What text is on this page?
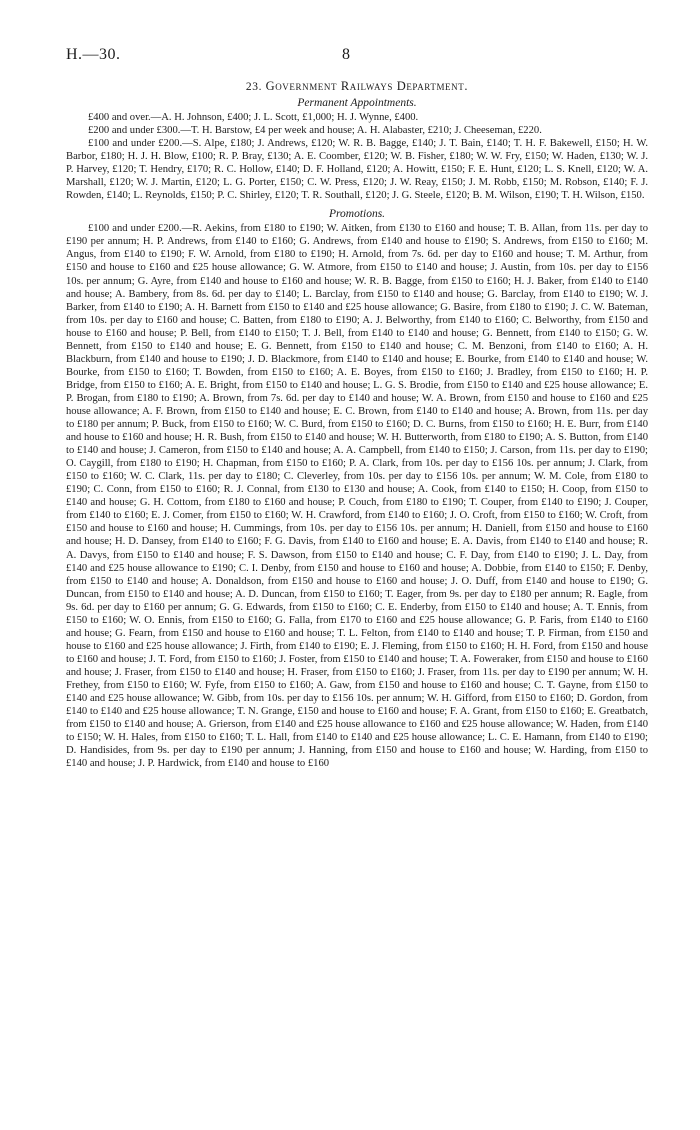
H.—30.	8
23. Government Railways Department.
Permanent Appointments.

£400 and over.—A. H. Johnson, £400; J. L. Scott, £1,000; H. J. Wynne, £400.

£200 and under £300.—T. H. Barstow, £4 per week and house; A. H. Alabaster, £210; J. Cheeseman, £220.

£100 and under £200.—S. Alpe, £180; J. Andrews, £120; W. R. B. Bagge, £140; J. T. Bain, £140; T. H. F. Bakewell, £150; H. W. Barbor, £180; H. J. H. Blow, £100; R. P. Bray, £130; A. E. Coomber, £120; W. B. Fisher, £180; W. W. Fry, £150; W. Haden, £130; W. J. P. Harvey, £120; T. Hendry, £170; R. C. Hollow, £140; D. F. Holland, £120; A. Howitt, £150; F. E. Hunt, £120; L. S. Knell, £120; W. A. Marshall, £120; W. J. Martin, £120; L. G. Porter, £150; C. W. Press, £120; J. W. Reay, £150; J. M. Robb, £150; M. Robson, £140; F. J. Rowden, £140; L. Reynolds, £150; P. C. Shirley, £120; T. R. Southall, £120; J. G. Steele, £120; B. M. Wilson, £190; T. H. Wilson, £150.

Promotions.

£100 and under £200.—R. Aekins, from £180 to £190; W. Aitken, from £130 to £160 and house; T. B. Allan, from 11s. per day to £190 per annum; H. P. Andrews, from £140 to £160; G. Andrews, from £140 and house to £190; S. Andrews, from £150 to £160; M. Angus, from £140 to £190; F. W. Arnold, from £180 to £190; H. Arnold, from 7s. 6d. per day to £160 and house; T. M. Arthur, from £150 and house to £160 and £25 house allowance; G. W. Atmore, from £150 to £140 and house; J. Austin, from 10s. per day to £156 10s. per annum; G. Ayre, from £140 and house to £160 and house; W. R. B. Bagge, from £150 to £160; H. J. Baker, from £140 to £140 and house; A. Bambery, from 8s. 6d. per day to £140; L. Barclay, from £150 to £140 and house; G. Barclay, from £140 to £190; W. J. Barker, from £140 to £190; A. H. Barnett from £150 to £140 and £25 house allowance; G. Basire, from £180 to £190; J. C. W. Bateman, from 10s. per day to £160 and house; C. Batten, from £180 to £190; A. J. Belworthy, from £140 to £160; C. Belworthy, from £150 and house to £160 and house; P. Bell, from £140 to £150; T. J. Bell, from £140 to £140 and house; G. Bennett, from £140 to £150; G. W. Bennett, from £150 to £140 and house; E. G. Bennett, from £150 to £140 and house; C. M. Benzoni, from £140 to £160; A. H. Blackburn, from £140 and house to £190; J. D. Blackmore, from £140 to £140 and house; E. Bourke, from £140 to £140 and house; W. Bourke, from £150 to £160; T. Bowden, from £150 to £160; A. E. Boyes, from £150 to £160; J. Bradley, from £150 to £160; H. P. Bridge, from £150 to £160; A. E. Bright, from £150 to £140 and house; L. G. S. Brodie, from £150 to £140 and £25 house allowance; E. P. Brogan, from £180 to £190; A. Brown, from 7s. 6d. per day to £140 and house; W. A. Brown, from £150 and house to £160 and £25 house allowance; A. F. Brown, from £150 to £140 and house; E. C. Brown, from £140 to £140 and house; A. Brown, from 11s. per day to £180 per annum; P. Buck, from £150 to £160; W. C. Burd, from £150 to £160; D. C. Burns, from £150 to £160; H. E. Burr, from £140 and house to £160 and house; H. R. Bush, from £150 to £140 and house; W. H. Butterworth, from £180 to £190; A. S. Button, from £140 to £140 and house; J. Cameron, from £150 to £140 and house; A. A. Campbell, from £140 to £150; J. Carson, from 11s. per day to £190; O. Caygill, from £180 to £190; H. Chapman, from £150 to £160; P. A. Clark, from 10s. per day to £156 10s. per annum; J. Clark, from £150 to £160; W. C. Clark, 11s. per day to £180; C. Cleverley, from 10s. per day to £156 10s. per annum; W. M. Cole, from £180 to £190; C. Conn, from £150 to £160; R. J. Connal, from £130 to £130 and house; A. Cook, from £140 to £150; H. Coop, from £150 to £140 and house; G. H. Cottom, from £180 to £160 and house; P. Couch, from £180 to £190; T. Couper, from £140 to £190; J. Couper, from £140 to £160; E. J. Comer, from £150 to £160; W. H. Crawford, from £140 to £160; J. O. Croft, from £150 to £160; W. Croft, from £150 and house to £160 and house; H. Cummings, from 10s. per day to £156 10s. per annum; H. Daniell, from £150 and house to £160 and house; H. D. Dansey, from £140 to £160; F. G. Davis, from £140 to £160 and house; E. A. Davis, from £140 to £140 and house; R. A. Davys, from £150 to £140 and house; F. S. Dawson, from £150 to £140 and house; C. F. Day, from £140 to £190; J. L. Day, from £140 and £25 house allowance to £190; C. I. Denby, from £150 and house to £160 and house; A. Dobbie, from £140 to £150; F. Denby, from £150 to £140 and house; A. Donaldson, from £150 and house to £160 and house; J. O. Duff, from £140 and house to £190; G. Duncan, from £150 to £140 and house; A. D. Duncan, from £150 to £160; T. Eager, from 9s. per day to £180 per annum; R. Eagle, from 9s. 6d. per day to £160 per annum; G. G. Edwards, from £150 to £160; C. E. Enderby, from £150 to £140 and house; A. T. Ennis, from £150 to £160; W. O. Ennis, from £150 to £160; G. Falla, from £170 to £160 and £25 house allowance; G. P. Faris, from £140 to £160 and house; G. Fearn, from £150 and house to £160 and house; T. L. Felton, from £140 to £140 and house; T. P. Firman, from £150 and house to £160 and £25 house allowance; J. Firth, from £140 to £190; E. J. Fleming, from £150 to £160; H. H. Ford, from £150 and house to £160 and house; J. T. Ford, from £150 to £160; J. Foster, from £150 to £140 and house; T. A. Foweraker, from £150 and house to £160 and house; J. Fraser, from £150 to £140 and house; H. Fraser, from £150 to £160; J. Fraser, from 11s. per day to £190 per annum; W. H. Frethey, from £150 to £160; W. Fyfe, from £150 to £160; A. Gaw, from £150 and house to £160 and house; C. T. Gayne, from £150 to £140 and £25 house allowance; W. Gibb, from 10s. per day to £156 10s. per annum; W. H. Gifford, from £150 to £160; D. Gordon, from £140 to £140 and £25 house allowance; T. N. Grange, £150 and house to £160 and house; F. A. Grant, from £150 to £160; E. Greatbatch, from £150 to £140 and house; A. Grierson, from £140 and £25 house allowance to £160 and £25 house allowance; W. Haden, from £140 to £150; W. H. Hales, from £150 to £160; T. L. Hall, from £140 to £140 and £25 house allowance; L. C. E. Hamann, from £140 to £190; D. Handisides, from 9s. per day to £190 per annum; J. Hanning, from £150 and house to £160 and house; W. Harding, from £150 to £140 and house; J. P. Hardwick, from £140 and house to £160
